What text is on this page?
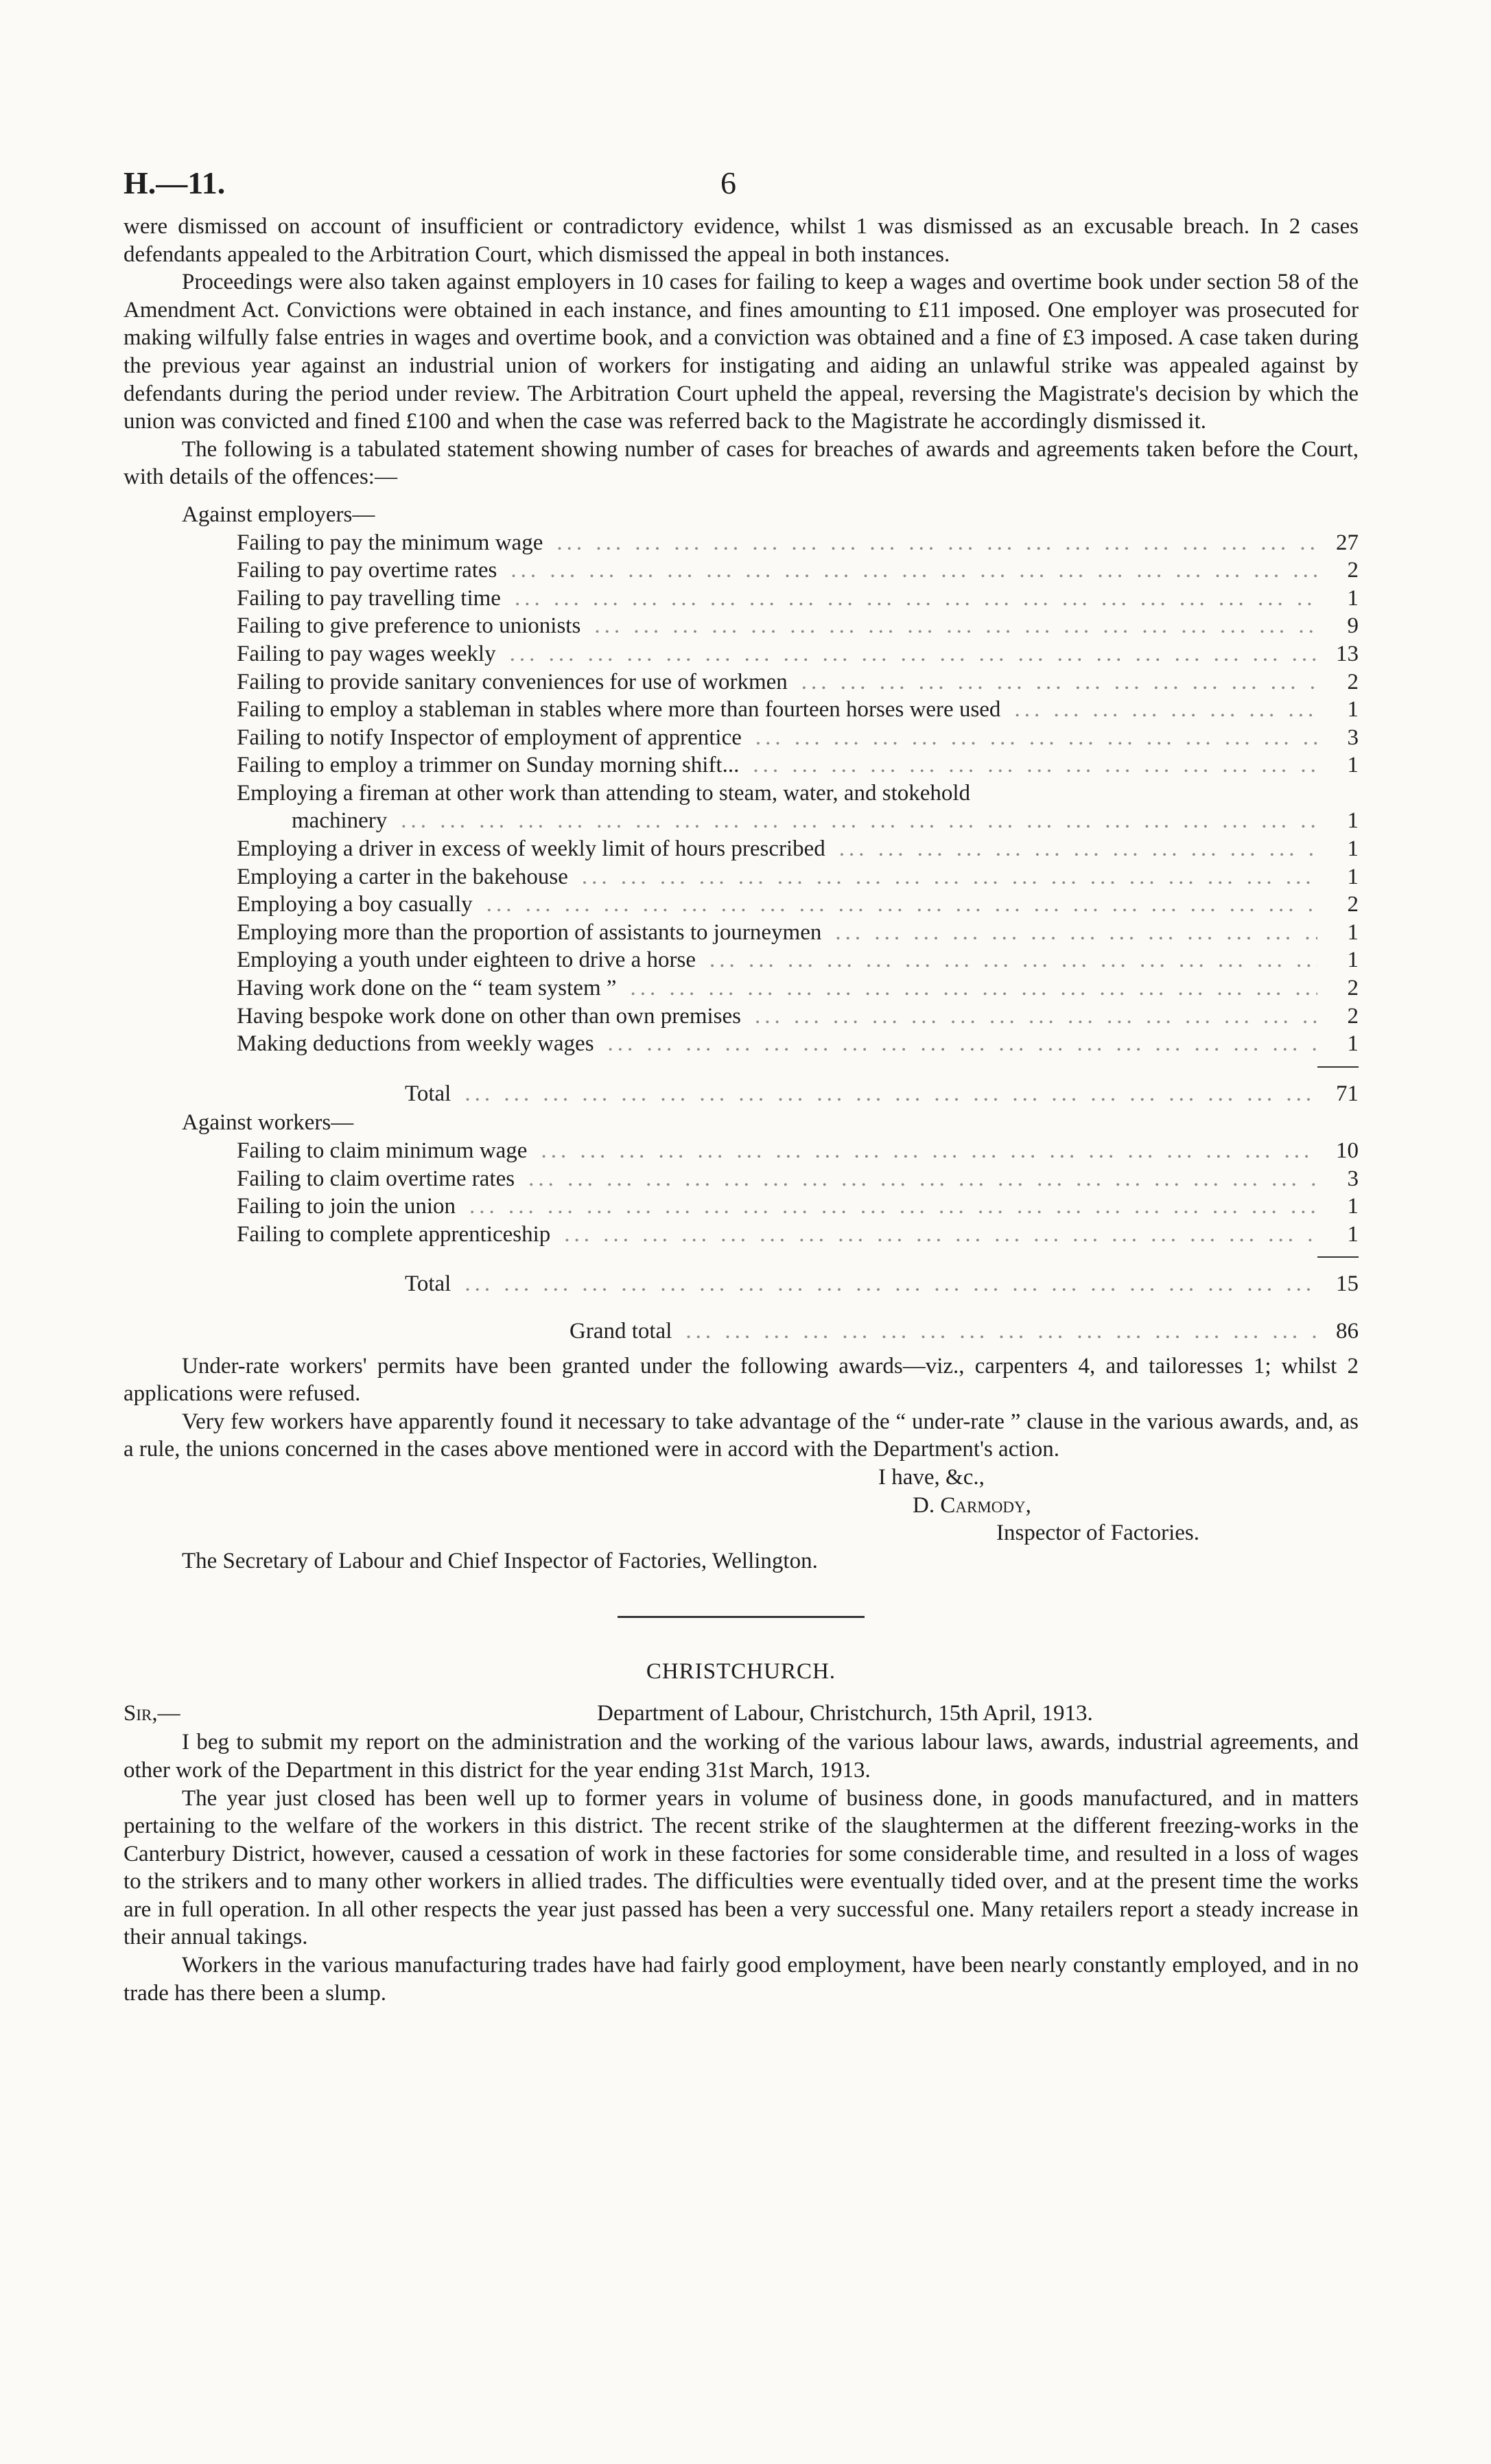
H.—11.	6

were dismissed on account of insufficient or contradictory evidence, whilst 1 was dismissed as an excusable breach. In 2 cases defendants appealed to the Arbitration Court, which dismissed the appeal in both instances.

Proceedings were also taken against employers in 10 cases for failing to keep a wages and overtime book under section 58 of the Amendment Act. Convictions were obtained in each instance, and fines amounting to £11 imposed. One employer was prosecuted for making wilfully false entries in wages and overtime book, and a conviction was obtained and a fine of £3 imposed. A case taken during the previous year against an industrial union of workers for instigating and aiding an unlawful strike was appealed against by defendants during the period under review. The Arbitration Court upheld the appeal, reversing the Magistrate's decision by which the union was convicted and fined £100 and when the case was referred back to the Magistrate he accordingly dismissed it.

The following is a tabulated statement showing number of cases for breaches of awards and agreements taken before the Court, with details of the offences:—

Against employers—
Failing to pay the minimum wage ... .	27
Failing to pay overtime rates ... .	2
Failing to pay travelling time ... .	1
Failing to give preference to unionists ... .	9
Failing to pay wages weekly ... .	13
Failing to provide sanitary conveniences for use of workmen ... .	2
Failing to employ a stableman in stables where more than fourteen horses were used ... .	1
Failing to notify Inspector of employment of apprentice ... .	3
Failing to employ a trimmer on Sunday morning shift... ... .	1
Employing a fireman at other work than attending to steam, water, and stokehold
machinery ... .	1
Employing a driver in excess of weekly limit of hours prescribed ... .	1
Employing a carter in the bakehouse ... .	1
Employing a boy casually ... .	2
Employing more than the proportion of assistants to journeymen ... .	1
Employing a youth under eighteen to drive a horse ... .	1
Having work done on the “ team system ” ... .	2
Having bespoke work done on other than own premises ... .	2
Making deductions from weekly wages ... .	1
Total ... .	71
Against workers—
Failing to claim minimum wage ... .	10
Failing to claim overtime rates ... .	3
Failing to join the union ... .	1
Failing to complete apprenticeship ... .	1
Total ... .	15
Grand total ... .	86

Under-rate workers' permits have been granted under the following awards—viz., carpenters 4, and tailoresses 1; whilst 2 applications were refused.

Very few workers have apparently found it necessary to take advantage of the “ under-rate ” clause in the various awards, and, as a rule, the unions concerned in the cases above mentioned were in accord with the Department's action.

I have, &c.,
D. Carmody,
Inspector of Factories.
The Secretary of Labour and Chief Inspector of Factories, Wellington.
CHRISTCHURCH.
Sir,—	Department of Labour, Christchurch, 15th April, 1913.

I beg to submit my report on the administration and the working of the various labour laws, awards, industrial agreements, and other work of the Department in this district for the year ending 31st March, 1913.

The year just closed has been well up to former years in volume of business done, in goods manufactured, and in matters pertaining to the welfare of the workers in this district. The recent strike of the slaughtermen at the different freezing-works in the Canterbury District, however, caused a cessation of work in these factories for some considerable time, and resulted in a loss of wages to the strikers and to many other workers in allied trades. The difficulties were eventually tided over, and at the present time the works are in full operation. In all other respects the year just passed has been a very successful one. Many retailers report a steady increase in their annual takings.

Workers in the various manufacturing trades have had fairly good employment, have been nearly constantly employed, and in no trade has there been a slump.
